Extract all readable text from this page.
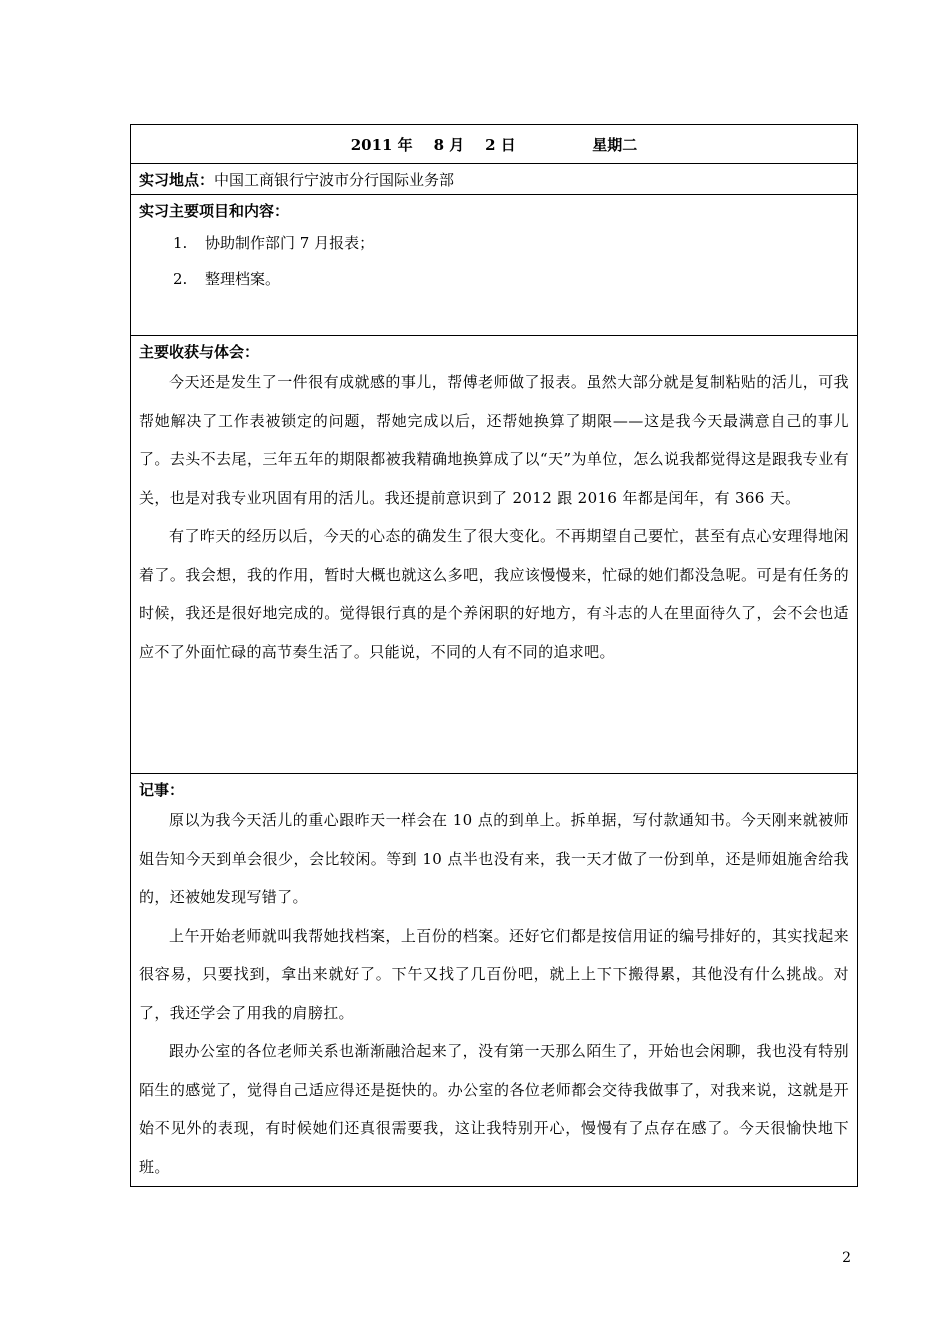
2011 年 8 月 2 日	星期二
实习地点：中国工商银行宁波市分行国际业务部

实习主要项目和内容：
1. 协助制作部门 7 月报表；
2. 整理档案。

主要收获与体会：

今天还是发生了一件很有成就感的事儿，帮傅老师做了报表。虽然大部分就是复制粘贴的活儿，可我帮她解决了工作表被锁定的问题，帮她完成以后，还帮她换算了期限——这是我今天最满意自己的事儿了。去头不去尾，三年五年的期限都被我精确地换算成了以“天”为单位，怎么说我都觉得这是跟我专业有关，也是对我专业巩固有用的活儿。我还提前意识到了 2012 跟 2016 年都是闰年，有 366 天。

有了昨天的经历以后，今天的心态的确发生了很大变化。不再期望自己要忙，甚至有点心安理得地闲着了。我会想，我的作用，暂时大概也就这么多吧，我应该慢慢来，忙碌的她们都没急呢。可是有任务的时候，我还是很好地完成的。觉得银行真的是个养闲职的好地方，有斗志的人在里面待久了，会不会也适应不了外面忙碌的高节奏生活了。只能说，不同的人有不同的追求吧。

记事：

原以为我今天活儿的重心跟昨天一样会在 10 点的到单上。拆单据，写付款通知书。今天刚来就被师姐告知今天到单会很少，会比较闲。等到 10 点半也没有来，我一天才做了一份到单，还是师姐施舍给我的，还被她发现写错了。

上午开始老师就叫我帮她找档案，上百份的档案。还好它们都是按信用证的编号排好的，其实找起来很容易，只要找到，拿出来就好了。下午又找了几百份吧，就上上下下搬得累，其他没有什么挑战。对了，我还学会了用我的肩膀扛。

跟办公室的各位老师关系也渐渐融洽起来了，没有第一天那么陌生了，开始也会闲聊，我也没有特别陌生的感觉了，觉得自己适应得还是挺快的。办公室的各位老师都会交待我做事了，对我来说，这就是开始不见外的表现，有时候她们还真很需要我，这让我特别开心，慢慢有了点存在感了。今天很愉快地下班。

2
